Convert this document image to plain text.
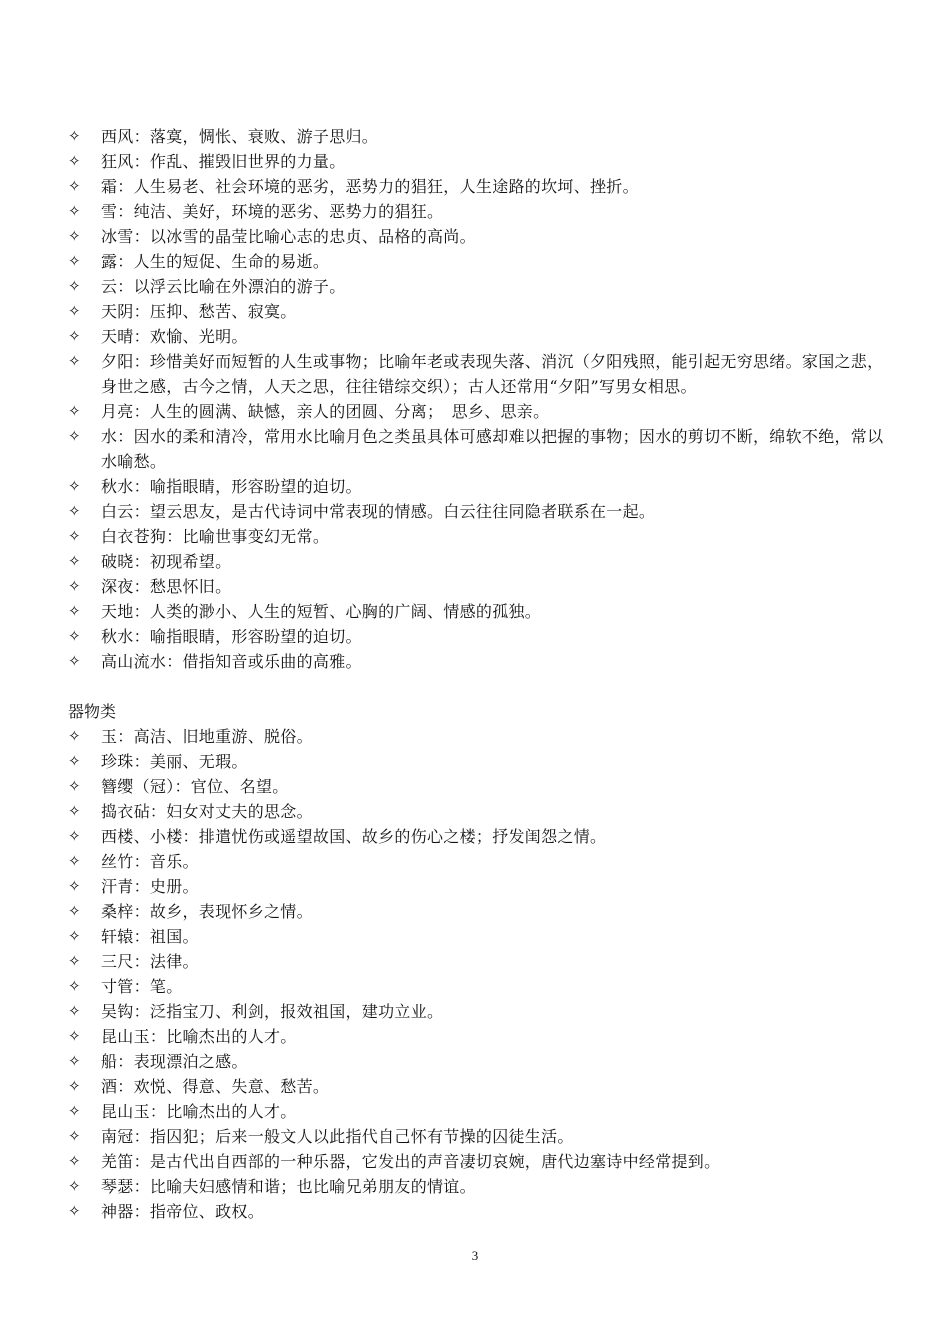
✧	西风：落寞，惆怅、衰败、游子思归。
✧	狂风：作乱、摧毁旧世界的力量。
✧	霜：人生易老、社会环境的恶劣，恶势力的猖狂，人生途路的坎坷、挫折。
✧	雪：纯洁、美好，环境的恶劣、恶势力的猖狂。
✧	冰雪：以冰雪的晶莹比喻心志的忠贞、品格的高尚。
✧	露：人生的短促、生命的易逝。
✧	云：以浮云比喻在外漂泊的游子。
✧	天阴：压抑、愁苦、寂寞。
✧	天晴：欢愉、光明。
✧	夕阳：珍惜美好而短暂的人生或事物；比喻年老或表现失落、消沉（夕阳残照，能引起无穷思绪。家国之悲，身世之感，古今之情，人天之思，往往错综交织）；古人还常用“夕阳”写男女相思。
✧	月亮：人生的圆满、缺憾，亲人的团圆、分离；　思乡、思亲。
✧	水：因水的柔和清冷，常用水比喻月色之类虽具体可感却难以把握的事物；因水的剪切不断，绵软不绝，常以水喻愁。
✧	秋水：喻指眼睛，形容盼望的迫切。
✧	白云：望云思友，是古代诗词中常表现的情感。白云往往同隐者联系在一起。
✧	白衣苍狗：比喻世事变幻无常。
✧	破晓：初现希望。
✧	深夜：愁思怀旧。
✧	天地：人类的渺小、人生的短暂、心胸的广阔、情感的孤独。
✧	秋水：喻指眼睛，形容盼望的迫切。
✧	高山流水：借指知音或乐曲的高雅。
器物类
✧	玉：高洁、旧地重游、脱俗。
✧	珍珠：美丽、无瑕。
✧	簪缨（冠）：官位、名望。
✧	捣衣砧：妇女对丈夫的思念。
✧	西楼、小楼：排遣忧伤或遥望故国、故乡的伤心之楼；抒发闺怨之情。
✧	丝竹：音乐。
✧	汗青：史册。
✧	桑梓：故乡，表现怀乡之情。
✧	轩辕：祖国。
✧	三尺：法律。
✧	寸管：笔。
✧	吴钩：泛指宝刀、利剑，报效祖国，建功立业。
✧	昆山玉：比喻杰出的人才。
✧	船：表现漂泊之感。
✧	酒：欢悦、得意、失意、愁苦。
✧	昆山玉：比喻杰出的人才。
✧	南冠：指囚犯；后来一般文人以此指代自己怀有节操的囚徒生活。
✧	羌笛：是古代出自西部的一种乐器，它发出的声音凄切哀婉，唐代边塞诗中经常提到。
✧	琴瑟：比喻夫妇感情和谐；也比喻兄弟朋友的情谊。
✧	神器：指帝位、政权。
3
